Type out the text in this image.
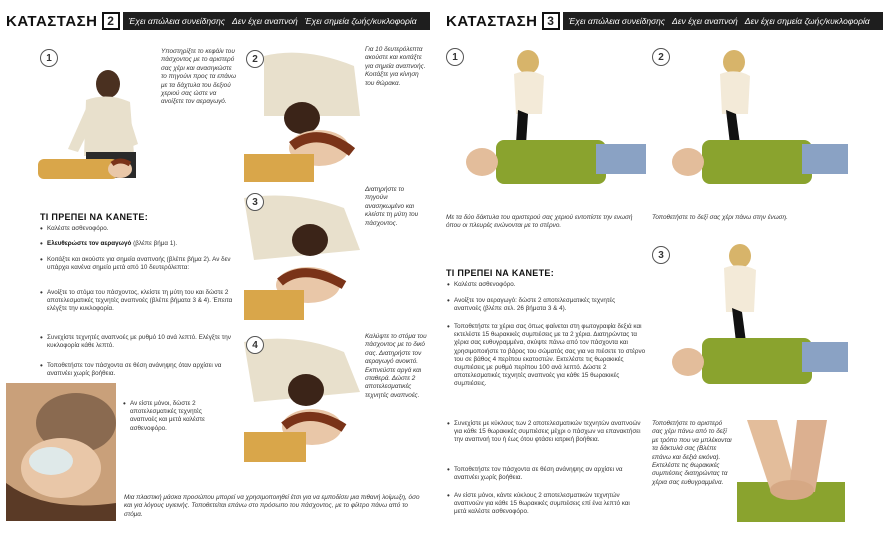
ΚΑΤΑΣΤΑΣΗ 2	Έχει απώλεια συνείδησης Δεν έχει αναπνοή Έχει σημεία ζωής/κυκλοφορία
1
Υποστηρίξτε το κεφάλι του πάσχοντος με το αριστερό σας χέρι και ανασηκώστε το πηγούνι προς τα επάνω με τα δάχτυλα του δεξιού χεριού σας ώστε να ανοίξετε τον αεραγωγό.
2
Για 10 δευτερόλεπτα ακούστε και κοιτάξτε για σημεία αναπνοής. Κοιτάξτε για κίνηση του θώρακα.
3
Διατηρήστε το πηγούνι ανασηκωμένο και κλείστε τη μύτη του πάσχοντος.
4
Καλύψτε το στόμα του πάσχοντος με το δικό σας. Διατηρήστε τον αεραγωγό ανοικτό. Εκπνεύστε αργά και σταθερά. Δώστε 2 αποτελεσματικές τεχνητές αναπνοές.
ΤΙ ΠΡΕΠΕΙ ΝΑ ΚΑΝΕΤΕ:
• Καλέστε ασθενοφόρο.
• Ελευθερώστε τον αεραγωγό (βλέπε βήμα 1).
• Κοιτάξτε και ακούστε για σημεία αναπνοής (βλέπε βήμα 2). Αν δεν υπάρχει κανένα σημείο μετά από 10 δευτερόλεπτα:
• Ανοίξτε το στόμα του πάσχοντος, κλείστε τη μύτη του και δώστε 2 αποτελεσματικές τεχνητές αναπνοές (βλέπε βήματα 3 & 4). Έπειτα ελέγξτε την κυκλοφορία.
• Συνεχίστε τεχνητές αναπνοές με ρυθμό 10 ανά λεπτό. Ελέγξτε την κυκλοφορία κάθε λεπτό.
• Τοποθετήστε τον πάσχοντα σε θέση ανάνηψης όταν αρχίσει να αναπνέει χωρίς βοήθεια.
• Αν είστε μόνοι, δώστε 2 αποτελεσματικές τεχνητές αναπνοές και μετά καλέστε ασθενοφόρο.
Μια πλαστική μάσκα προσώπου μπορεί να χρησιμοποιηθεί έτσι για να εμποδίσει μια πιθανή λοίμωξη, όσο και για λόγους υγιεινής. Τοποθετείται επάνω στο πρόσωπο του πάσχοντος, με το φίλτρο πάνω από το στόμα.
ΚΑΤΑΣΤΑΣΗ 3	Έχει απώλεια συνείδησης Δεν έχει αναπνοή Δεν έχει σημεία ζωής/κυκλοφορία
1
Με τα δύο δάκτυλα του αριστερού σας χεριού εντοπίστε την ενωσή όπου οι πλευρές ενώνονται με το στέρνο.
2
Τοποθετήστε το δεξί σας χέρι πάνω στην ένωση.
3
Τοποθετήστε το αριστερό σας χέρι πάνω από το δεξί με τρόπο που να μπλέκονται τα δάκτυλά σας (Βλέπε επάνω και δεξιά εικόνα). Εκτελέστε τις θωρακικές συμπιέσεις διατηρώντας τα χέρια σας ευθυγραμμένα.
ΤΙ ΠΡΕΠΕΙ ΝΑ ΚΑΝΕΤΕ:
• Καλέστε ασθενοφόρο.
• Ανοίξτε τον αεραγωγό: δώστε 2 αποτελεσματικές τεχνητές αναπνοές (βλέπε σελ. 26 βήματα 3 & 4).
• Τοποθετήστε τα χέρια σας όπως φαίνεται στη φωτογραφία δεξιά και εκτελέστε 15 θωρακικές συμπιέσεις με τα 2 χέρια. Διατηρώντας τα χέρια σας ευθυγραμμένα, σκύψτε πάνω από τον πάσχοντα και χρησιμοποιήστε το βάρος του σώματός σας για να πιέσετε το στέρνο του σε βάθος 4 περίπου εκατοστών. Εκτελέστε τις θωρακικές συμπιέσεις με ρυθμό περίπου 100 ανά λεπτό. Δώστε 2 αποτελεσματικές τεχνητές αναπνοές για κάθε 15 θωρακικές συμπιέσεις.
• Συνεχίστε με κύκλους των 2 αποτελεσματικών τεχνητών αναπνοών για κάθε 15 θωρακικές συμπιέσεις μέχρι ο πάσχων να επανακτήσει την αναπνοή του ή έως ότου φτάσει ιατρική βοήθεια.
• Τοποθετήστε τον πάσχοντα σε θέση ανάνηψης αν αρχίσει να αναπνέει χωρίς βοήθεια.
• Αν είστε μόνοι, κάντε κύκλους 2 αποτελεσματικών τεχνητών αναπνοών για κάθε 15 θωρακικές συμπιέσεις επί ένα λεπτό και μετά καλέστε ασθενοφόρο.
